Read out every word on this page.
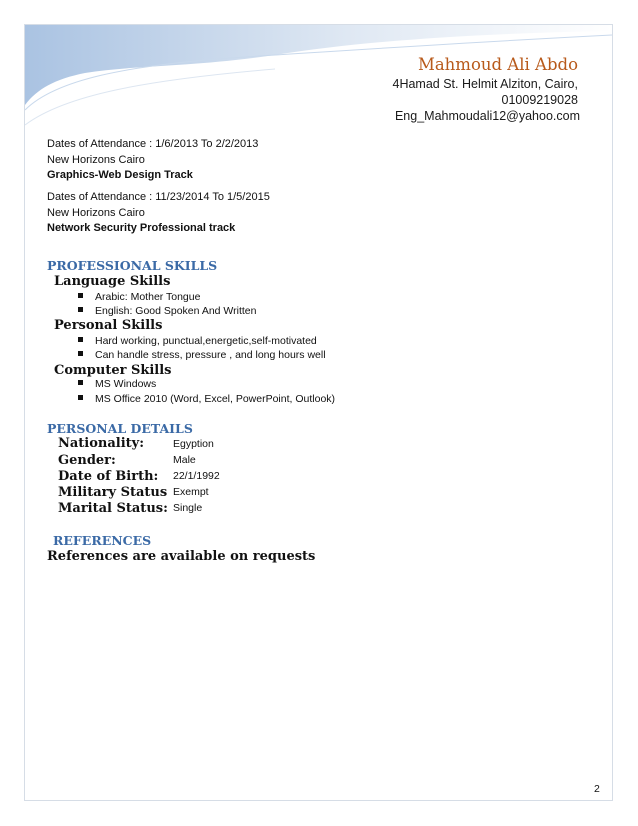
Mahmoud Ali Abdo
4Hamad St. Helmit Alziton, Cairo,
01009219028
Eng_Mahmoudali12@yahoo.com
Dates of Attendance : 1/6/2013 To 2/2/2013
New Horizons Cairo
Graphics-Web Design Track
Dates of Attendance : 11/23/2014 To 1/5/2015
New Horizons Cairo
Network Security Professional track
PROFESSIONAL SKILLS
Language Skills
Arabic: Mother Tongue
English: Good Spoken And Written
Personal Skills
Hard working, punctual,energetic,self-motivated
Can handle stress, pressure , and long hours well
Computer Skills
MS Windows
MS Office 2010 (Word, Excel, PowerPoint, Outlook)
PERSONAL DETAILS
Nationality:	Egyption
Gender:	Male
Date of Birth: 22/1/1992
Military Status Exempt
Marital Status: Single
REFERENCES
References are available on requests
2
